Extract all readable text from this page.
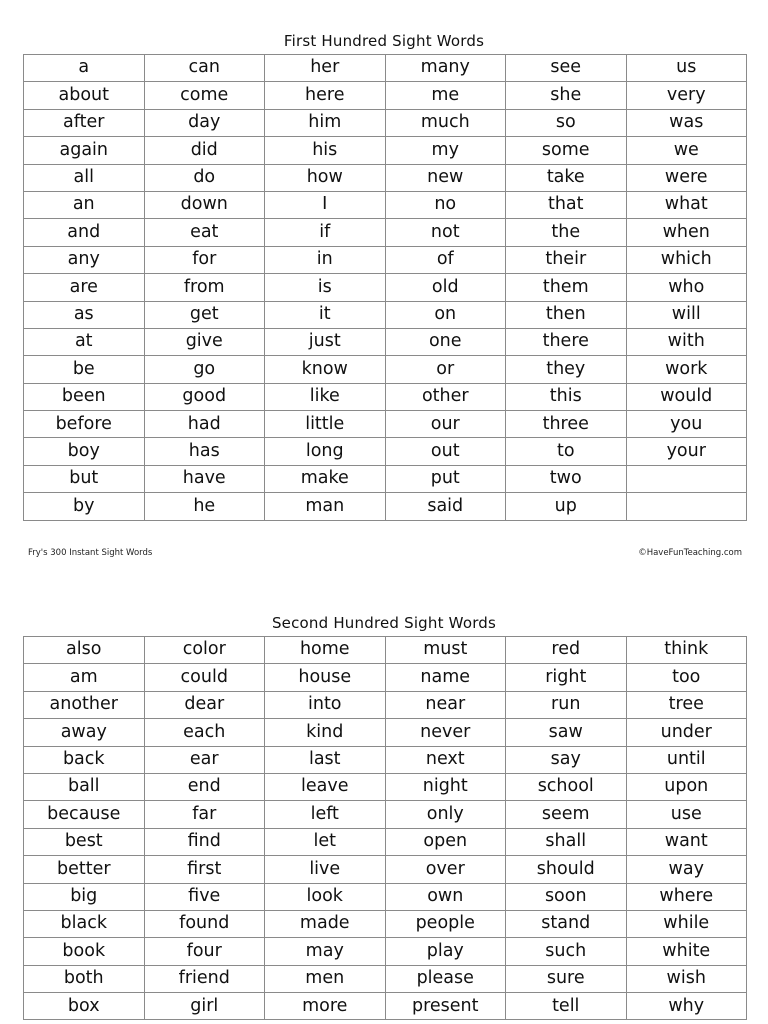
First Hundred Sight Words
a	can	her	many	see	us
about	come	here	me	she	very
after	day	him	much	so	was
again	did	his	my	some	we
all	do	how	new	take	were
an	down	I	no	that	what
and	eat	if	not	the	when
any	for	in	of	their	which
are	from	is	old	them	who
as	get	it	on	then	will
at	give	just	one	there	with
be	go	know	or	they	work
been	good	like	other	this	would
before	had	little	our	three	you
boy	has	long	out	to	your
but	have	make	put	two	
by	he	man	said	up	
Fry's 300 Instant Sight Words	©HaveFunTeaching.com
Second Hundred Sight Words
also	color	home	must	red	think
am	could	house	name	right	too
another	dear	into	near	run	tree
away	each	kind	never	saw	under
back	ear	last	next	say	until
ball	end	leave	night	school	upon
because	far	left	only	seem	use
best	find	let	open	shall	want
better	first	live	over	should	way
big	five	look	own	soon	where
black	found	made	people	stand	while
book	four	may	play	such	white
both	friend	men	please	sure	wish
box	girl	more	present	tell	why
